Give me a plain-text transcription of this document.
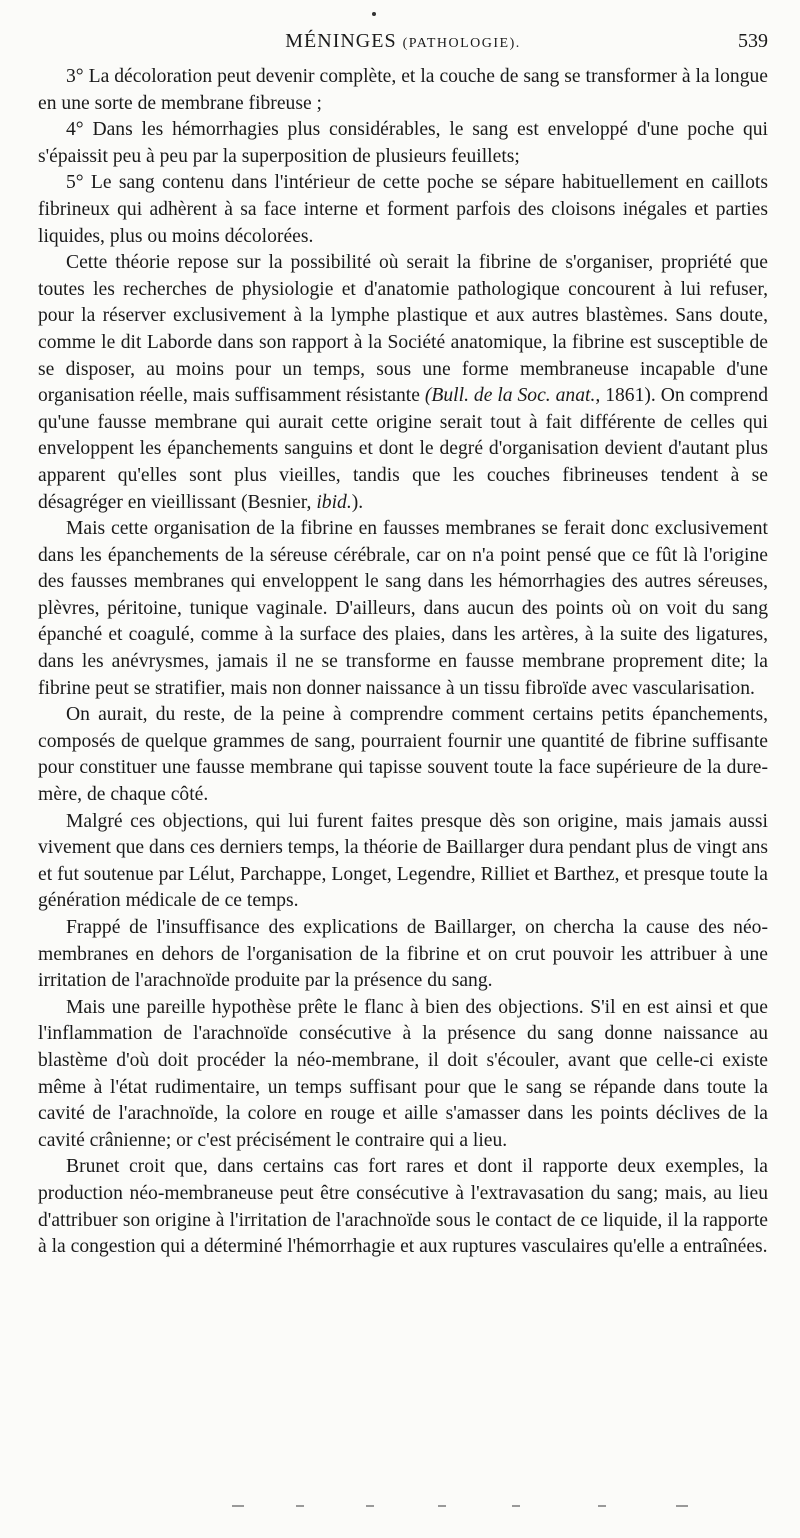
MÉNINGES (PATHOLOGIE).	539

3° La décoloration peut devenir complète, et la couche de sang se transformer à la longue en une sorte de membrane fibreuse ;

4° Dans les hémorrhagies plus considérables, le sang est enveloppé d'une poche qui s'épaissit peu à peu par la superposition de plusieurs feuillets;

5° Le sang contenu dans l'intérieur de cette poche se sépare habituellement en caillots fibrineux qui adhèrent à sa face interne et forment parfois des cloisons inégales et parties liquides, plus ou moins décolorées.

Cette théorie repose sur la possibilité où serait la fibrine de s'organiser, propriété que toutes les recherches de physiologie et d'anatomie pathologique concourent à lui refuser, pour la réserver exclusivement à la lymphe plastique et aux autres blastèmes. Sans doute, comme le dit Laborde dans son rapport à la Société anatomique, la fibrine est susceptible de se disposer, au moins pour un temps, sous une forme membraneuse incapable d'une organisation réelle, mais suffisamment résistante (Bull. de la Soc. anat., 1861). On comprend qu'une fausse membrane qui aurait cette origine serait tout à fait différente de celles qui enveloppent les épanchements sanguins et dont le degré d'organisation devient d'autant plus apparent qu'elles sont plus vieilles, tandis que les couches fibrineuses tendent à se désagréger en vieillissant (Besnier, ibid.).

Mais cette organisation de la fibrine en fausses membranes se ferait donc exclusivement dans les épanchements de la séreuse cérébrale, car on n'a point pensé que ce fût là l'origine des fausses membranes qui enveloppent le sang dans les hémorrhagies des autres séreuses, plèvres, péritoine, tunique vaginale. D'ailleurs, dans aucun des points où on voit du sang épanché et coagulé, comme à la surface des plaies, dans les artères, à la suite des ligatures, dans les anévrysmes, jamais il ne se transforme en fausse membrane proprement dite; la fibrine peut se stratifier, mais non donner naissance à un tissu fibroïde avec vascularisation.

On aurait, du reste, de la peine à comprendre comment certains petits épanchements, composés de quelque grammes de sang, pourraient fournir une quantité de fibrine suffisante pour constituer une fausse membrane qui tapisse souvent toute la face supérieure de la dure-mère, de chaque côté.

Malgré ces objections, qui lui furent faites presque dès son origine, mais jamais aussi vivement que dans ces derniers temps, la théorie de Baillarger dura pendant plus de vingt ans et fut soutenue par Lélut, Parchappe, Longet, Legendre, Rilliet et Barthez, et presque toute la génération médicale de ce temps.

Frappé de l'insuffisance des explications de Baillarger, on chercha la cause des néo-membranes en dehors de l'organisation de la fibrine et on crut pouvoir les attribuer à une irritation de l'arachnoïde produite par la présence du sang.

Mais une pareille hypothèse prête le flanc à bien des objections. S'il en est ainsi et que l'inflammation de l'arachnoïde consécutive à la présence du sang donne naissance au blastème d'où doit procéder la néo-membrane, il doit s'écouler, avant que celle-ci existe même à l'état rudimentaire, un temps suffisant pour que le sang se répande dans toute la cavité de l'arachnoïde, la colore en rouge et aille s'amasser dans les points déclives de la cavité crânienne; or c'est précisément le contraire qui a lieu.

Brunet croit que, dans certains cas fort rares et dont il rapporte deux exemples, la production néo-membraneuse peut être consécutive à l'extravasation du sang; mais, au lieu d'attribuer son origine à l'irritation de l'arachnoïde sous le contact de ce liquide, il la rapporte à la congestion qui a déterminé l'hémorrhagie et aux ruptures vasculaires qu'elle a entraînées.
